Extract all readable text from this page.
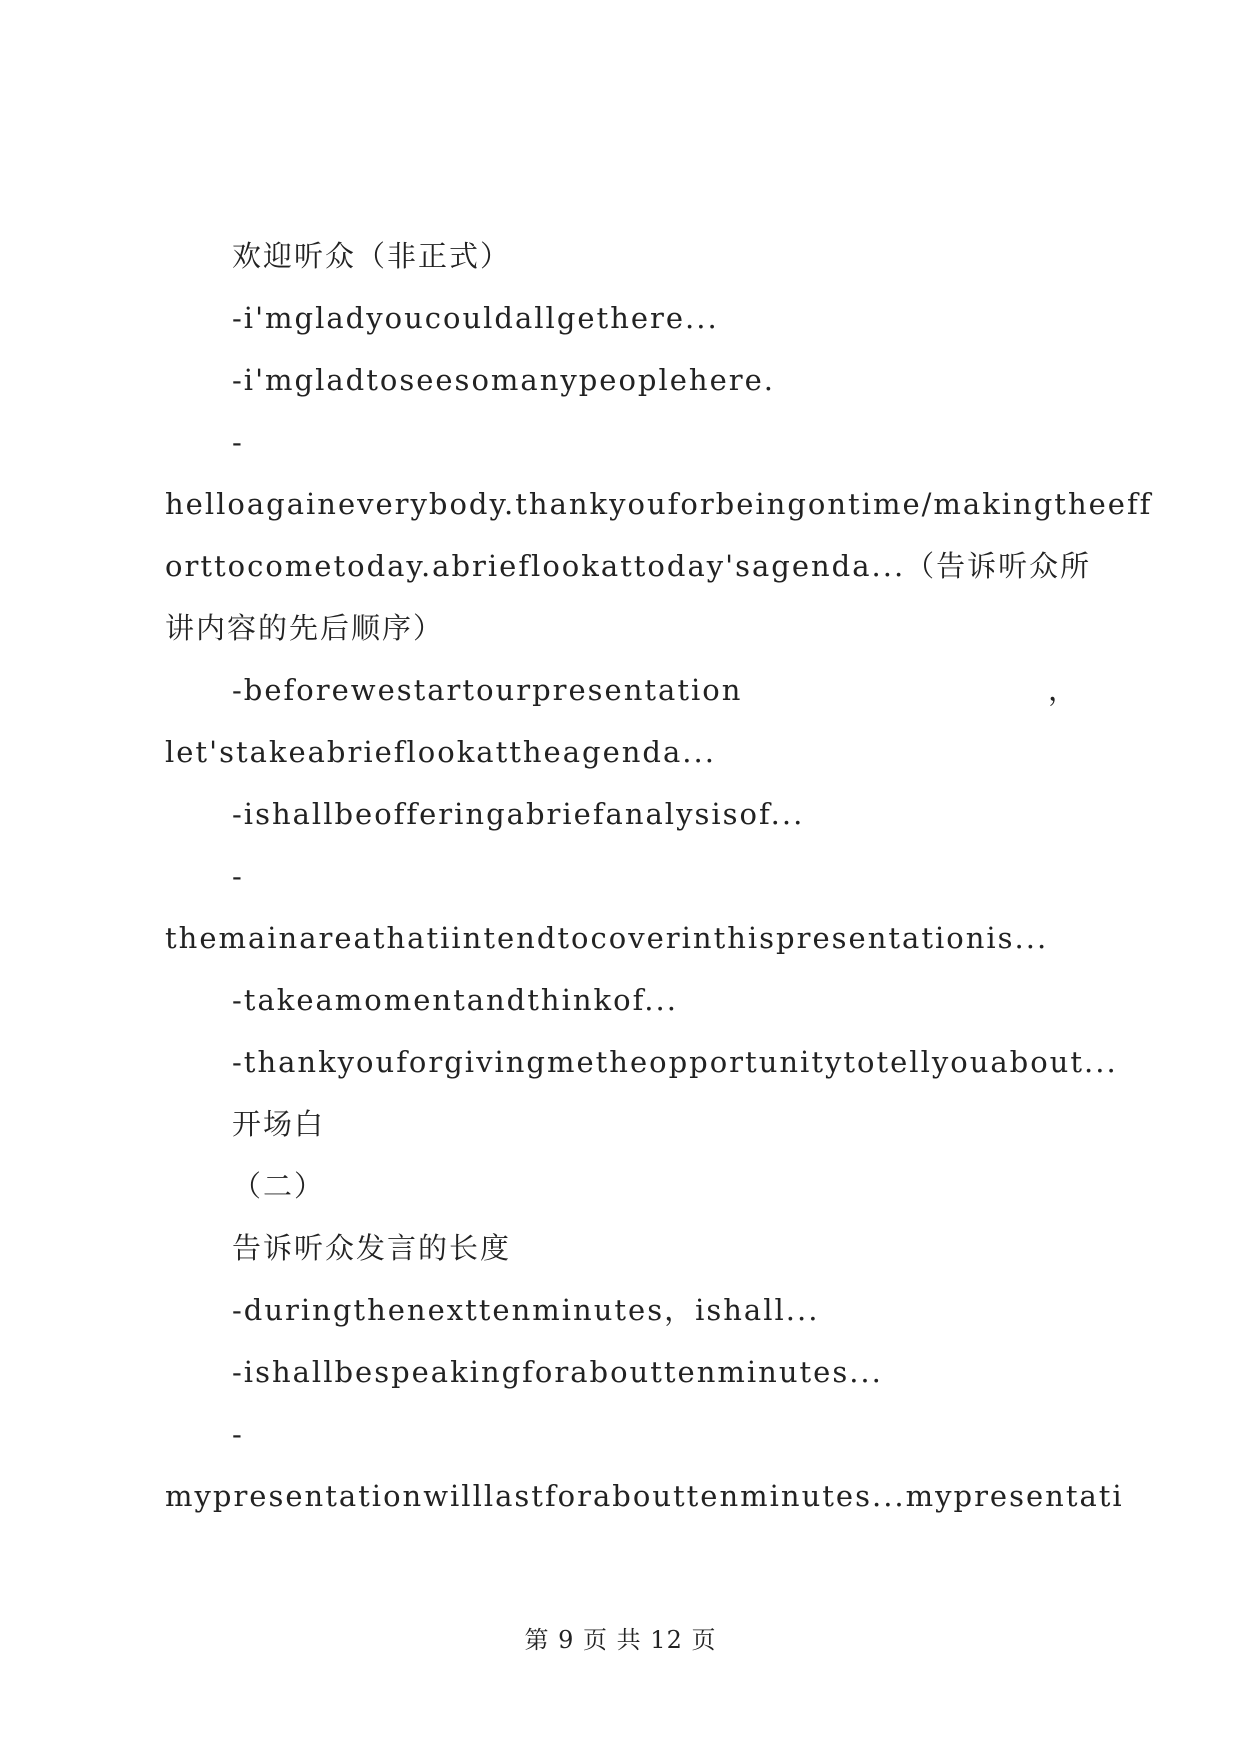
欢迎听众（非正式）
-i'mgladyoucouldallgethere...
-i'mgladtoseesomanypeoplehere.
-
helloagaineverybody.thankyouforbeingontime/makingtheeff
orttocometoday.abrieflookattoday'sagenda...（告诉听众所
讲内容的先后顺序）
-beforewestartourpresentation	，
let'stakeabrieflookattheagenda...
-ishallbeofferingabriefanalysisof...
-
themainareathatiintendtocoverinthispresentationis...
-takeamomentandthinkof...
-thankyouforgivingmetheopportunitytotellyouabout...
开场白
（二）
告诉听众发言的长度
-duringthenexttenminutes，ishall...
-ishallbespeakingforabouttenminutes...
-
mypresentationwilllastforabouttenminutes...mypresentati
第 9 页 共 12 页
